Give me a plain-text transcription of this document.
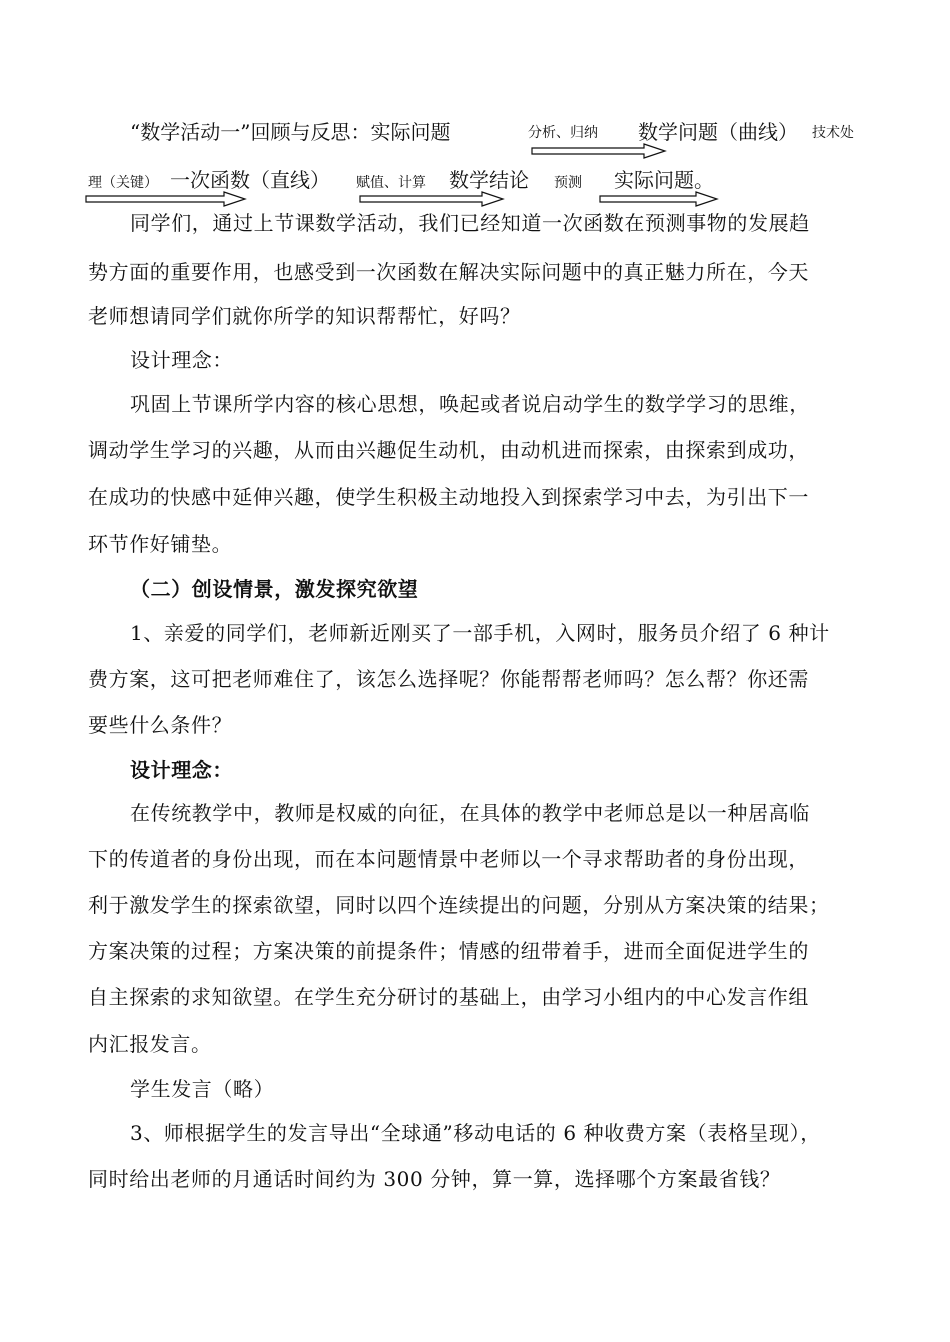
“数学活动一”回顾与反思：实际问题	分析、归纳 数学问题（曲线） 技术处
理（关键） 一次函数（直线） 赋值、计算 数学结论 预测 实际问题。
同学们，通过上节课数学活动，我们已经知道一次函数在预测事物的发展趋
势方面的重要作用，也感受到一次函数在解决实际问题中的真正魅力所在，今天
老师想请同学们就你所学的知识帮帮忙，好吗？
设计理念：
巩固上节课所学内容的核心思想，唤起或者说启动学生的数学学习的思维，
调动学生学习的兴趣，从而由兴趣促生动机，由动机进而探索，由探索到成功，
在成功的快感中延伸兴趣，使学生积极主动地投入到探索学习中去，为引出下一
环节作好铺垫。
（二）创设情景，激发探究欲望
1、亲爱的同学们，老师新近刚买了一部手机，入网时，服务员介绍了 6 种计
费方案，这可把老师难住了，该怎么选择呢？你能帮帮老师吗？怎么帮？你还需
要些什么条件？
设计理念：
在传统教学中，教师是权威的向征，在具体的教学中老师总是以一种居高临
下的传道者的身份出现，而在本问题情景中老师以一个寻求帮助者的身份出现，
利于激发学生的探索欲望，同时以四个连续提出的问题，分别从方案决策的结果；
方案决策的过程；方案决策的前提条件；情感的纽带着手，进而全面促进学生的
自主探索的求知欲望。在学生充分研讨的基础上，由学习小组内的中心发言作组
内汇报发言。
学生发言（略）
3、师根据学生的发言导出“全球通”移动电话的 6 种收费方案（表格呈现），
同时给出老师的月通话时间约为 300 分钟，算一算，选择哪个方案最省钱？
